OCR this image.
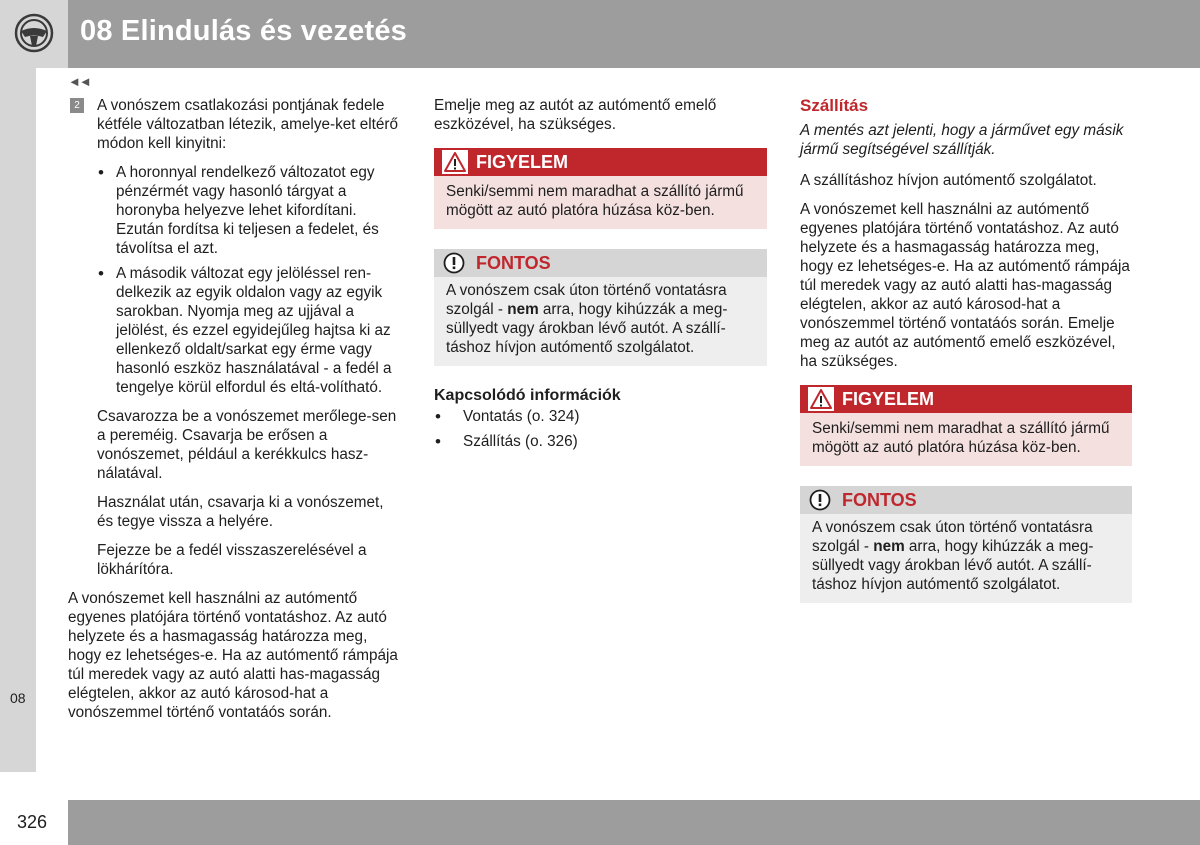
08 Elindulás és vezetés
◄◄
08
2 A vonószem csatlakozási pontjának fedele kétféle változatban létezik, amelye-ket eltérő módon kell kinyitni:
• A horonnyal rendelkező változatot egy pénzérmét vagy hasonló tárgyat a horonyba helyezve lehet kifordítani. Ezután fordítsa ki teljesen a fedelet, és távolítsa el azt.
• A második változat egy jelöléssel ren-delkezik az egyik oldalon vagy az egyik sarokban. Nyomja meg az ujjával a jelölést, és ezzel egyidejűleg hajtsa ki az ellenkező oldalt/sarkat egy érme vagy hasonló eszköz használatával - a fedél a tengelye körül elfordul és eltá-volítható.

Csavarozza be a vonószemet merőlege-sen a pereméig. Csavarja be erősen a vonószemet, például a kerékkulcs hasz-nálatával.

Használat után, csavarja ki a vonószemet, és tegye vissza a helyére.

Fejezze be a fedél visszaszerelésével a lökhárítóra.

A vonószemet kell használni az autómentő egyenes platójára történő vontatáshoz. Az autó helyzete és a hasmagasság határozza meg, hogy ez lehetséges-e. Ha az autómentő rámpája túl meredek vagy az autó alatti has-magasság elégtelen, akkor az autó károsod-hat a vonószemmel történő vontatáós során.

Emelje meg az autót az autómentő emelő eszközével, ha szükséges.

FIGYELEM
Senki/semmi nem maradhat a szállító jármű mögött az autó platóra húzása köz-ben.
FONTOS
A vonószem csak úton történő vontatásra szolgál - nem arra, hogy kihúzzák a meg-süllyedt vagy árokban lévő autót. A szállí-táshoz hívjon autómentő szolgálatot.
Kapcsolódó információk
• Vontatás (o. 324)
• Szállítás (o. 326)
Szállítás
A mentés azt jelenti, hogy a járművet egy másik jármű segítségével szállítják.

A szállításhoz hívjon autómentő szolgálatot.

A vonószemet kell használni az autómentő egyenes platójára történő vontatáshoz. Az autó helyzete és a hasmagasság határozza meg, hogy ez lehetséges-e. Ha az autómentő rámpája túl meredek vagy az autó alatti has-magasság elégtelen, akkor az autó károsod-hat a vonószemmel történő vontatáós során. Emelje meg az autót az autómentő emelő eszközével, ha szükséges.

FIGYELEM
Senki/semmi nem maradhat a szállító jármű mögött az autó platóra húzása köz-ben.
FONTOS
A vonószem csak úton történő vontatásra szolgál - nem arra, hogy kihúzzák a meg-süllyedt vagy árokban lévő autót. A szállí-táshoz hívjon autómentő szolgálatot.
326
